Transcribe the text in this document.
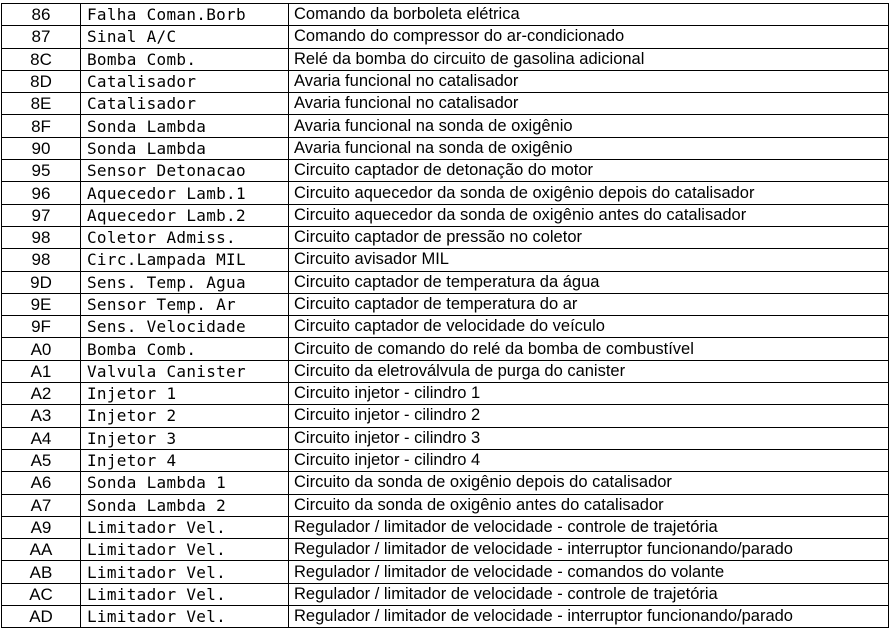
86	Falha Coman.Borb	Comando da borboleta elétrica
87	Sinal A/C	Comando do compressor do ar-condicionado
8C	Bomba Comb.	Relé da bomba do circuito de gasolina adicional
8D	Catalisador	Avaria funcional no catalisador
8E	Catalisador	Avaria funcional no catalisador
8F	Sonda Lambda	Avaria funcional na sonda de oxigênio
90	Sonda Lambda	Avaria funcional na sonda de oxigênio
95	Sensor Detonacao	Circuito captador de detonação do motor
96	Aquecedor Lamb.1	Circuito aquecedor da sonda de oxigênio depois do catalisador
97	Aquecedor Lamb.2	Circuito aquecedor da sonda de oxigênio antes do catalisador
98	Coletor Admiss.	Circuito captador de pressão no coletor
98	Circ.Lampada MIL	Circuito avisador MIL
9D	Sens. Temp. Agua	Circuito captador de temperatura da água
9E	Sensor Temp. Ar	Circuito captador de temperatura do ar
9F	Sens. Velocidade	Circuito captador de velocidade do veículo
A0	Bomba Comb.	Circuito de comando do relé da bomba de combustível
A1	Valvula Canister	Circuito da eletroválvula de purga do canister
A2	Injetor 1	Circuito injetor - cilindro 1
A3	Injetor 2	Circuito injetor - cilindro 2
A4	Injetor 3	Circuito injetor - cilindro 3
A5	Injetor 4	Circuito injetor - cilindro 4
A6	Sonda Lambda 1	Circuito da sonda de oxigênio depois do catalisador
A7	Sonda Lambda 2	Circuito da sonda de oxigênio antes do catalisador
A9	Limitador Vel.	Regulador / limitador de velocidade - controle de trajetória
AA	Limitador Vel.	Regulador / limitador de velocidade - interruptor funcionando/parado
AB	Limitador Vel.	Regulador / limitador de velocidade - comandos do volante
AC	Limitador Vel.	Regulador / limitador de velocidade - controle de trajetória
AD	Limitador Vel.	Regulador / limitador de velocidade - interruptor funcionando/parado
